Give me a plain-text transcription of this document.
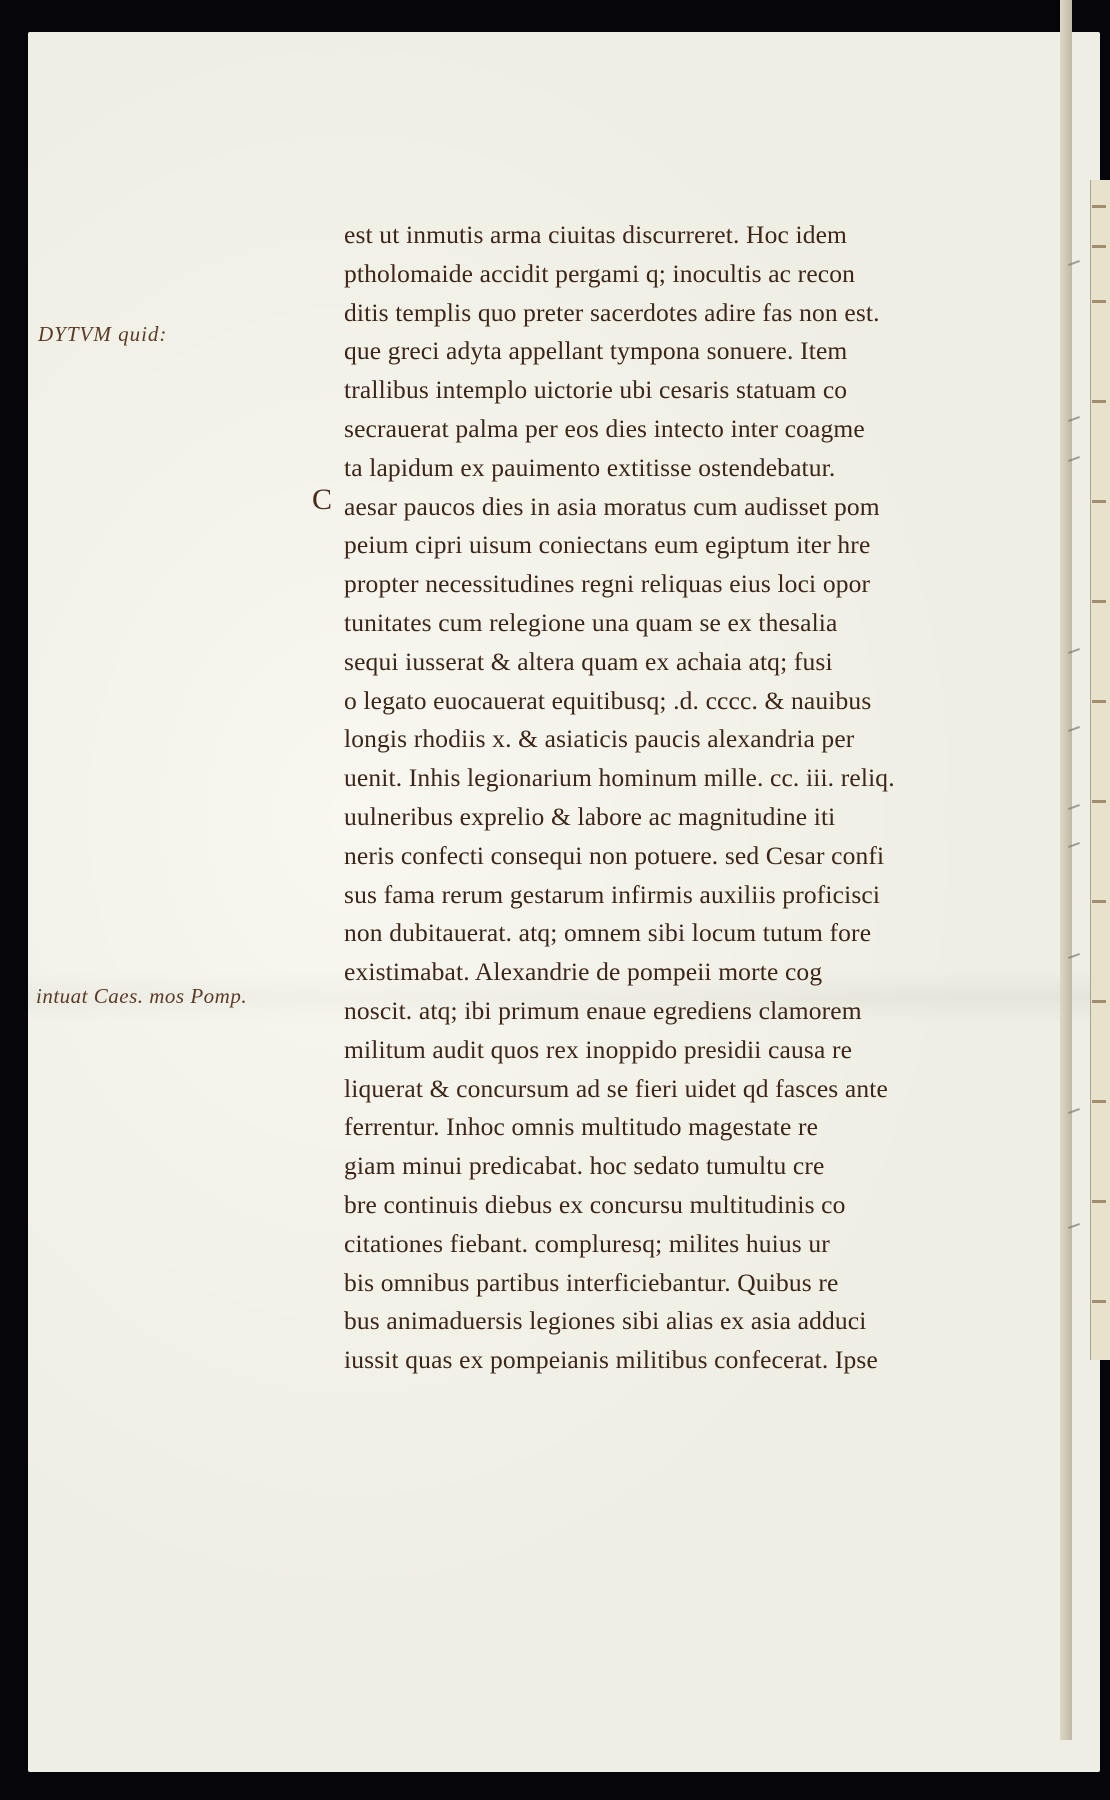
DYTVM quid:
intuat Caes. mos Pomp.
C
est ut inmutis arma ciuitas discurreret. Hoc idem
ptholomaide accidit pergami q; inocultis ac recon
ditis templis quo preter sacerdotes adire fas non est.
que greci adyta appellant tympona sonuere. Item
trallibus intemplo uictorie ubi cesaris statuam co
secrauerat palma per eos dies intecto inter coagme
ta lapidum ex pauimento extitisse ostendebatur.
aesar paucos dies in asia moratus cum audisset pom
peium cipri uisum coniectans eum egiptum iter hre
propter necessitudines regni reliquas eius loci opor
tunitates cum relegione una quam se ex thesalia
sequi iusserat & altera quam ex achaia atq; fusi
o legato euocauerat equitibusq; .d. cccc. & nauibus
longis rhodiis x. & asiaticis paucis alexandria per
uenit. Inhis legionarium hominum mille. cc. iii. reliq.
uulneribus expreliо & labore ac magnitudine iti
neris confecti consequi non potuere. sed Cesar confi
sus fama rerum gestarum infirmis auxiliis proficisci
non dubitauerat. atq; omnem sibi locum tutum fore
existimabat. Alexandrie de pompeii morte cog
noscit. atq; ibi primum enaue egrediens clamorem
militum audit quos rex inoppido presidii causa re
liquerat & concursum ad se fieri uidet qd fasces ante
ferrentur. Inhoc omnis multitudo magestate re
giam minui predicabat. hoc sedato tumultu cre
bre continuis diebus ex concursu multitudinis co
citationes fiebant. compluresq; milites huius ur
bis omnibus partibus interficiebantur. Quibus re
bus animaduersis legiones sibi alias ex asia adduci
iussit quas ex pompeianis militibus confecerat. Ipse
